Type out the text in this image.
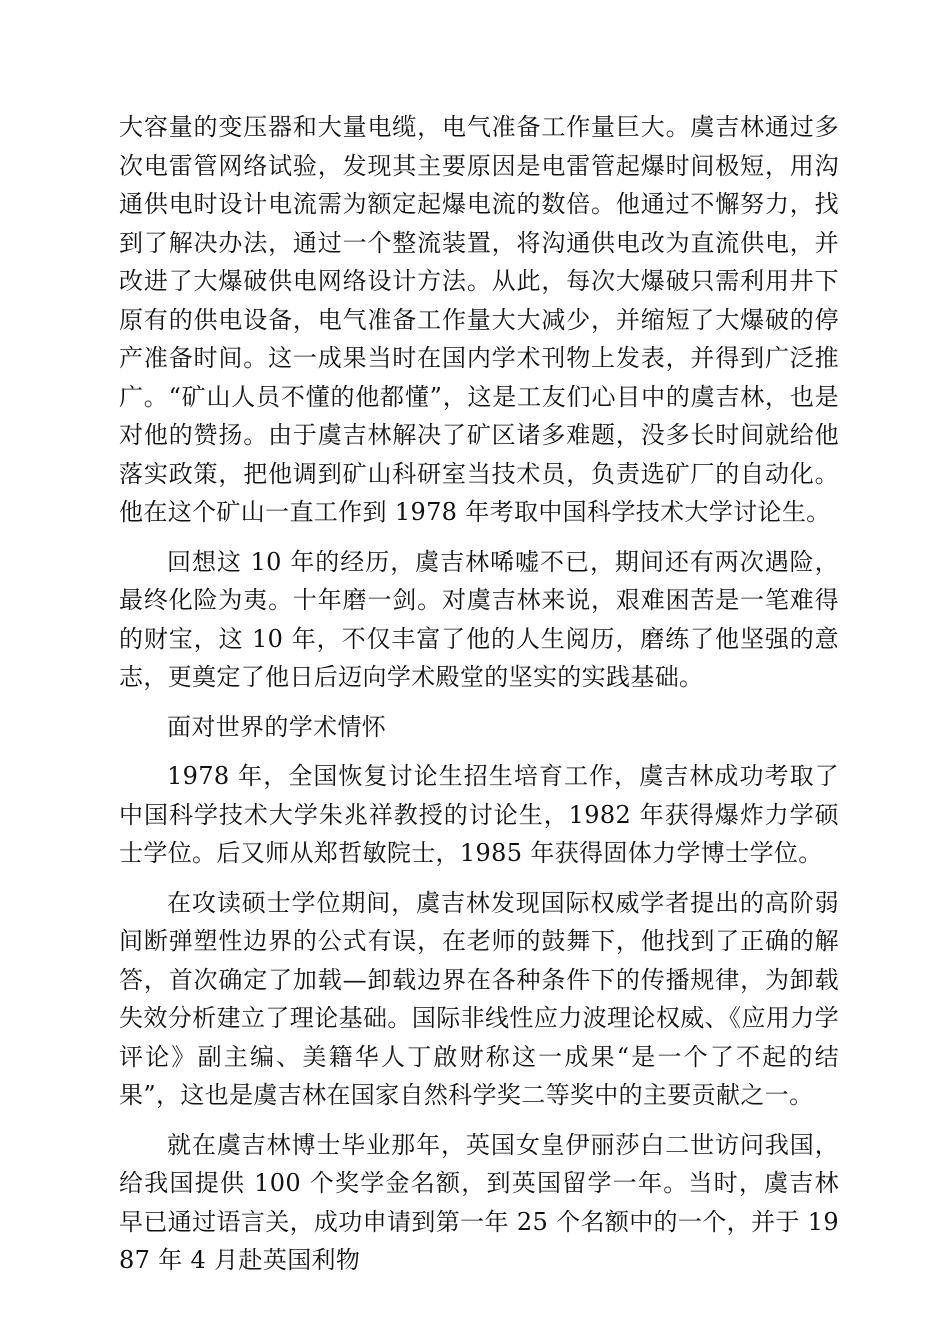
大容量的变压器和大量电缆，电气准备工作量巨大。虞吉林通过多次电雷管网络试验，发现其主要原因是电雷管起爆时间极短，用沟通供电时设计电流需为额定起爆电流的数倍。他通过不懈努力，找到了解决办法，通过一个整流装置，将沟通供电改为直流供电，并改进了大爆破供电网络设计方法。从此，每次大爆破只需利用井下原有的供电设备，电气准备工作量大大减少，并缩短了大爆破的停产准备时间。这一成果当时在国内学术刊物上发表，并得到广泛推广。“矿山人员不懂的他都懂”，这是工友们心目中的虞吉林，也是对他的赞扬。由于虞吉林解决了矿区诸多难题，没多长时间就给他落实政策，把他调到矿山科研室当技术员，负责选矿厂的自动化。他在这个矿山一直工作到 1978 年考取中国科学技术大学讨论生。

回想这 10 年的经历，虞吉林唏嘘不已，期间还有两次遇险，最终化险为夷。十年磨一剑。对虞吉林来说，艰难困苦是一笔难得的财宝，这 10 年，不仅丰富了他的人生阅历，磨练了他坚强的意志，更奠定了他日后迈向学术殿堂的坚实的实践基础。

面对世界的学术情怀

1978 年，全国恢复讨论生招生培育工作，虞吉林成功考取了中国科学技术大学朱兆祥教授的讨论生，1982 年获得爆炸力学硕士学位。后又师从郑哲敏院士，1985 年获得固体力学博士学位。

在攻读硕士学位期间，虞吉林发现国际权威学者提出的高阶弱间断弹塑性边界的公式有误，在老师的鼓舞下，他找到了正确的解答，首次确定了加载—卸载边界在各种条件下的传播规律，为卸载失效分析建立了理论基础。国际非线性应力波理论权威、《应用力学评论》副主编、美籍华人丁啟财称这一成果“是一个了不起的结果”，这也是虞吉林在国家自然科学奖二等奖中的主要贡献之一。

就在虞吉林博士毕业那年，英国女皇伊丽莎白二世访问我国，给我国提供 100 个奖学金名额，到英国留学一年。当时，虞吉林早已通过语言关，成功申请到第一年 25 个名额中的一个，并于 1987 年 4 月赴英国利物
